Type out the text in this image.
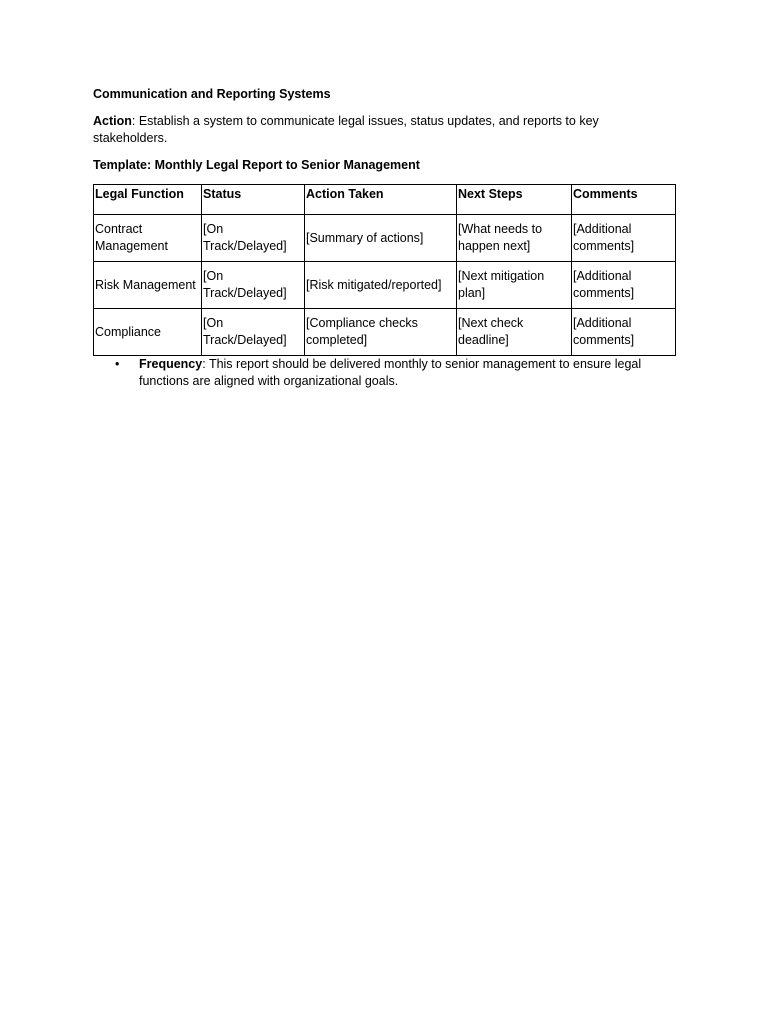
Communication and Reporting Systems
Action: Establish a system to communicate legal issues, status updates, and reports to key stakeholders.
Template: Monthly Legal Report to Senior Management
Legal Function	Status	Action Taken	Next Steps	Comments
Contract Management	[On Track/Delayed]	[Summary of actions]	[What needs to happen next]	[Additional comments]
Risk Management	[On Track/Delayed]	[Risk mitigated/reported]	[Next mitigation plan]	[Additional comments]
Compliance	[On Track/Delayed]	[Compliance checks completed]	[Next check deadline]	[Additional comments]
• Frequency: This report should be delivered monthly to senior management to ensure legal functions are aligned with organizational goals.
